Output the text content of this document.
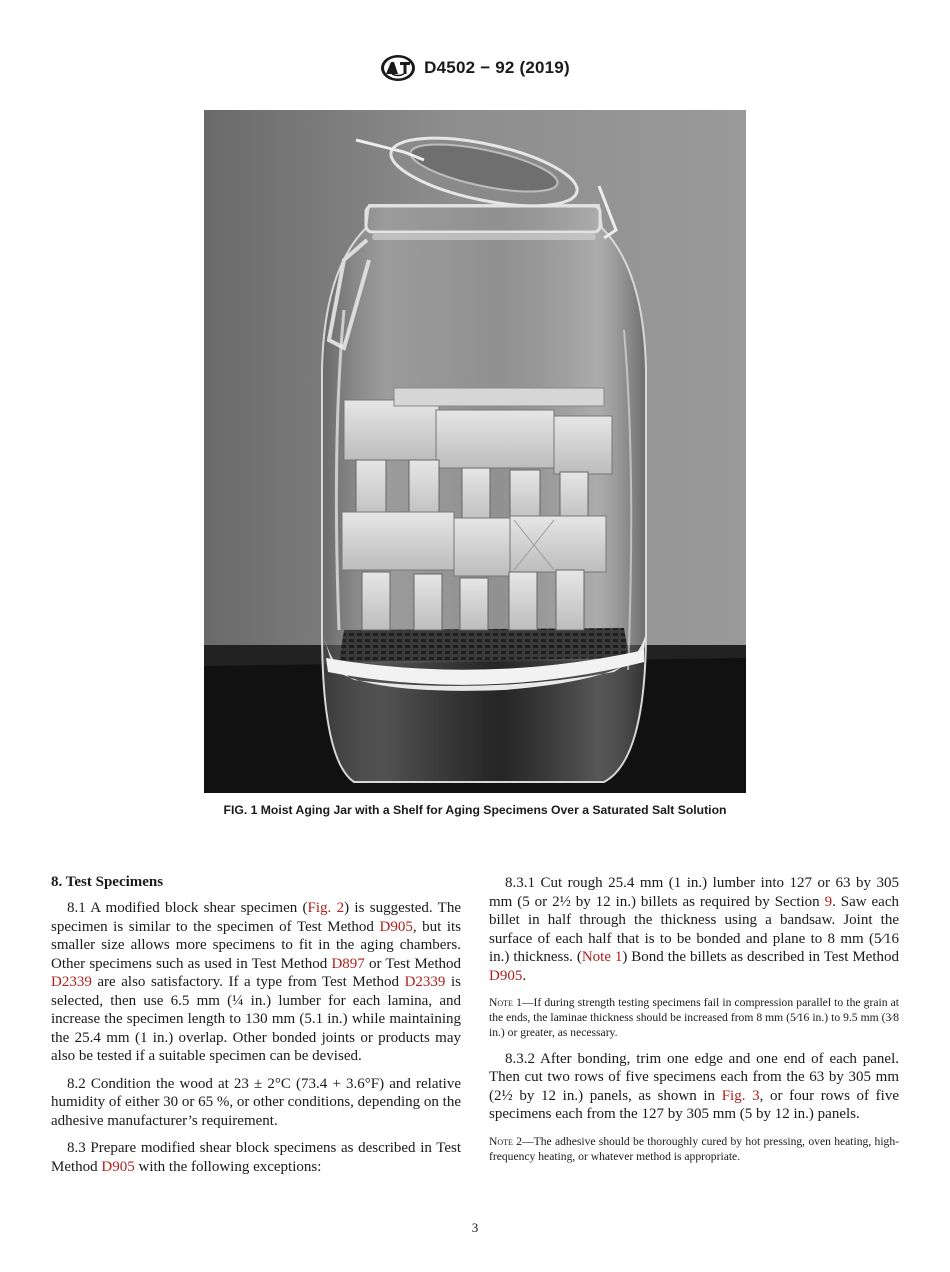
D4502 − 92 (2019)
FIG. 1 Moist Aging Jar with a Shelf for Aging Specimens Over a Saturated Salt Solution
8. Test Specimens

8.1 A modified block shear specimen (Fig. 2) is suggested. The specimen is similar to the specimen of Test Method D905, but its smaller size allows more specimens to fit in the aging chambers. Other specimens such as used in Test Method D897 or Test Method D2339 are also satisfactory. If a type from Test Method D2339 is selected, then use 6.5 mm (¼ in.) lumber for each lamina, and increase the specimen length to 130 mm (5.1 in.) while maintaining the 25.4 mm (1 in.) overlap. Other bonded joints or products may also be tested if a suitable specimen can be devised.

8.2 Condition the wood at 23 ± 2°C (73.4 + 3.6°F) and relative humidity of either 30 or 65 %, or other conditions, depending on the adhesive manufacturer’s requirement.

8.3 Prepare modified shear block specimens as described in Test Method D905 with the following exceptions:

8.3.1 Cut rough 25.4 mm (1 in.) lumber into 127 or 63 by 305 mm (5 or 2½ by 12 in.) billets as required by Section 9. Saw each billet in half through the thickness using a bandsaw. Joint the surface of each half that is to be bonded and plane to 8 mm (5⁄16 in.) thickness. (Note 1) Bond the billets as described in Test Method D905.

Note 1—If during strength testing specimens fail in compression parallel to the grain at the ends, the laminae thickness should be increased from 8 mm (5⁄16 in.) to 9.5 mm (3⁄8 in.) or greater, as necessary.

8.3.2 After bonding, trim one edge and one end of each panel. Then cut two rows of five specimens each from the 63 by 305 mm (2½ by 12 in.) panels, as shown in Fig. 3, or four rows of five specimens each from the 127 by 305 mm (5 by 12 in.) panels.

Note 2—The adhesive should be thoroughly cured by hot pressing, oven heating, high-frequency heating, or whatever method is appropriate.

3
